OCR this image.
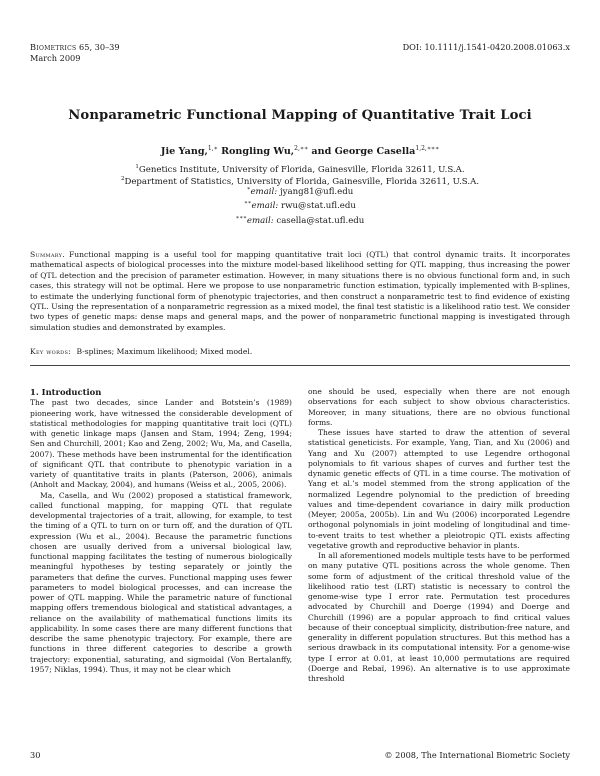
Biometrics 65, 30–39
March 2009
DOI: 10.1111/j.1541-0420.2008.01063.x
Nonparametric Functional Mapping of Quantitative Trait Loci
Jie Yang,$^{1,∗}$ Rongling Wu,$^{2,∗∗}$ and George Casella$^{1,2,∗∗∗}$
$^1$Genetics Institute, University of Florida, Gainesville, Florida 32611, U.S.A.
$^2$Department of Statistics, University of Florida, Gainesville, Florida 32611, U.S.A.
∗email: jyang81@ufl.edu
∗∗email: rwu@stat.ufl.edu
∗∗∗email: casella@stat.ufl.edu
Summary. Functional mapping is a useful tool for mapping quantitative trait loci (QTL) that control dynamic traits. It incorporates mathematical aspects of biological processes into the mixture model-based likelihood setting for QTL mapping, thus increasing the power of QTL detection and the precision of parameter estimation. However, in many situations there is no obvious functional form and, in such cases, this strategy will not be optimal. Here we propose to use nonparametric function estimation, typically implemented with B-splines, to estimate the underlying functional form of phenotypic trajectories, and then construct a nonparametric test to find evidence of existing QTL. Using the representation of a nonparametric regression as a mixed model, the final test statistic is a likelihood ratio test. We consider two types of genetic maps: dense maps and general maps, and the power of nonparametric functional mapping is investigated through simulation studies and demonstrated by examples.
Key words: B-splines; Maximum likelihood; Mixed model.
1. Introduction

The past two decades, since Lander and Botstein’s (1989) pioneering work, have witnessed the considerable development of statistical methodologies for mapping quantitative trait loci (QTL) with genetic linkage maps (Jansen and Stam, 1994; Zeng, 1994; Sen and Churchill, 2001; Kao and Zeng, 2002; Wu, Ma, and Casella, 2007). These methods have been instrumental for the identification of significant QTL that contribute to phenotypic variation in a variety of quantitative traits in plants (Paterson, 2006), animals (Anholt and Mackay, 2004), and humans (Weiss et al., 2005, 2006).

Ma, Casella, and Wu (2002) proposed a statistical framework, called functional mapping, for mapping QTL that regulate developmental trajectories of a trait, allowing, for example, to test the timing of a QTL to turn on or turn off, and the duration of QTL expression (Wu et al., 2004). Because the parametric functions chosen are usually derived from a universal biological law, functional mapping facilitates the testing of numerous biologically meaningful hypotheses by testing separately or jointly the parameters that define the curves. Functional mapping uses fewer parameters to model biological processes, and can increase the power of QTL mapping. While the parametric nature of functional mapping offers tremendous biological and statistical advantages, a reliance on the availability of mathematical functions limits its applicability. In some cases there are many different functions that describe the same phenotypic trajectory. For example, there are functions in three different categories to describe a growth trajectory: exponential, saturating, and sigmoidal (Von Bertalanffy, 1957; Niklas, 1994). Thus, it may not be clear which

one should be used, especially when there are not enough observations for each subject to show obvious characteristics. Moreover, in many situations, there are no obvious functional forms.

These issues have started to draw the attention of several statistical geneticists. For example, Yang, Tian, and Xu (2006) and Yang and Xu (2007) attempted to use Legendre orthogonal polynomials to fit various shapes of curves and further test the dynamic genetic effects of QTL in a time course. The motivation of Yang et al.’s model stemmed from the strong application of the normalized Legendre polynomial to the prediction of breeding values and time-dependent covariance in dairy milk production (Meyer, 2005a, 2005b). Lin and Wu (2006) incorporated Legendre orthogonal polynomials in joint modeling of longitudinal and time-to-event traits to test whether a pleiotropic QTL exists affecting vegetative growth and reproductive behavior in plants.

In all aforementioned models multiple tests have to be performed on many putative QTL positions across the whole genome. Then some form of adjustment of the critical threshold value of the likelihood ratio test (LRT) statistic is necessary to control the genome-wise type I error rate. Permutation test procedures advocated by Churchill and Doerge (1994) and Doerge and Churchill (1996) are a popular approach to find critical values because of their conceptual simplicity, distribution-free nature, and generality in different population structures. But this method has a serious drawback in its computational intensity. For a genome-wise type I error at 0.01, at least 10,000 permutations are required (Doerge and Rebaï, 1996). An alternative is to use approximate threshold

30	© 2008, The International Biometric Society
